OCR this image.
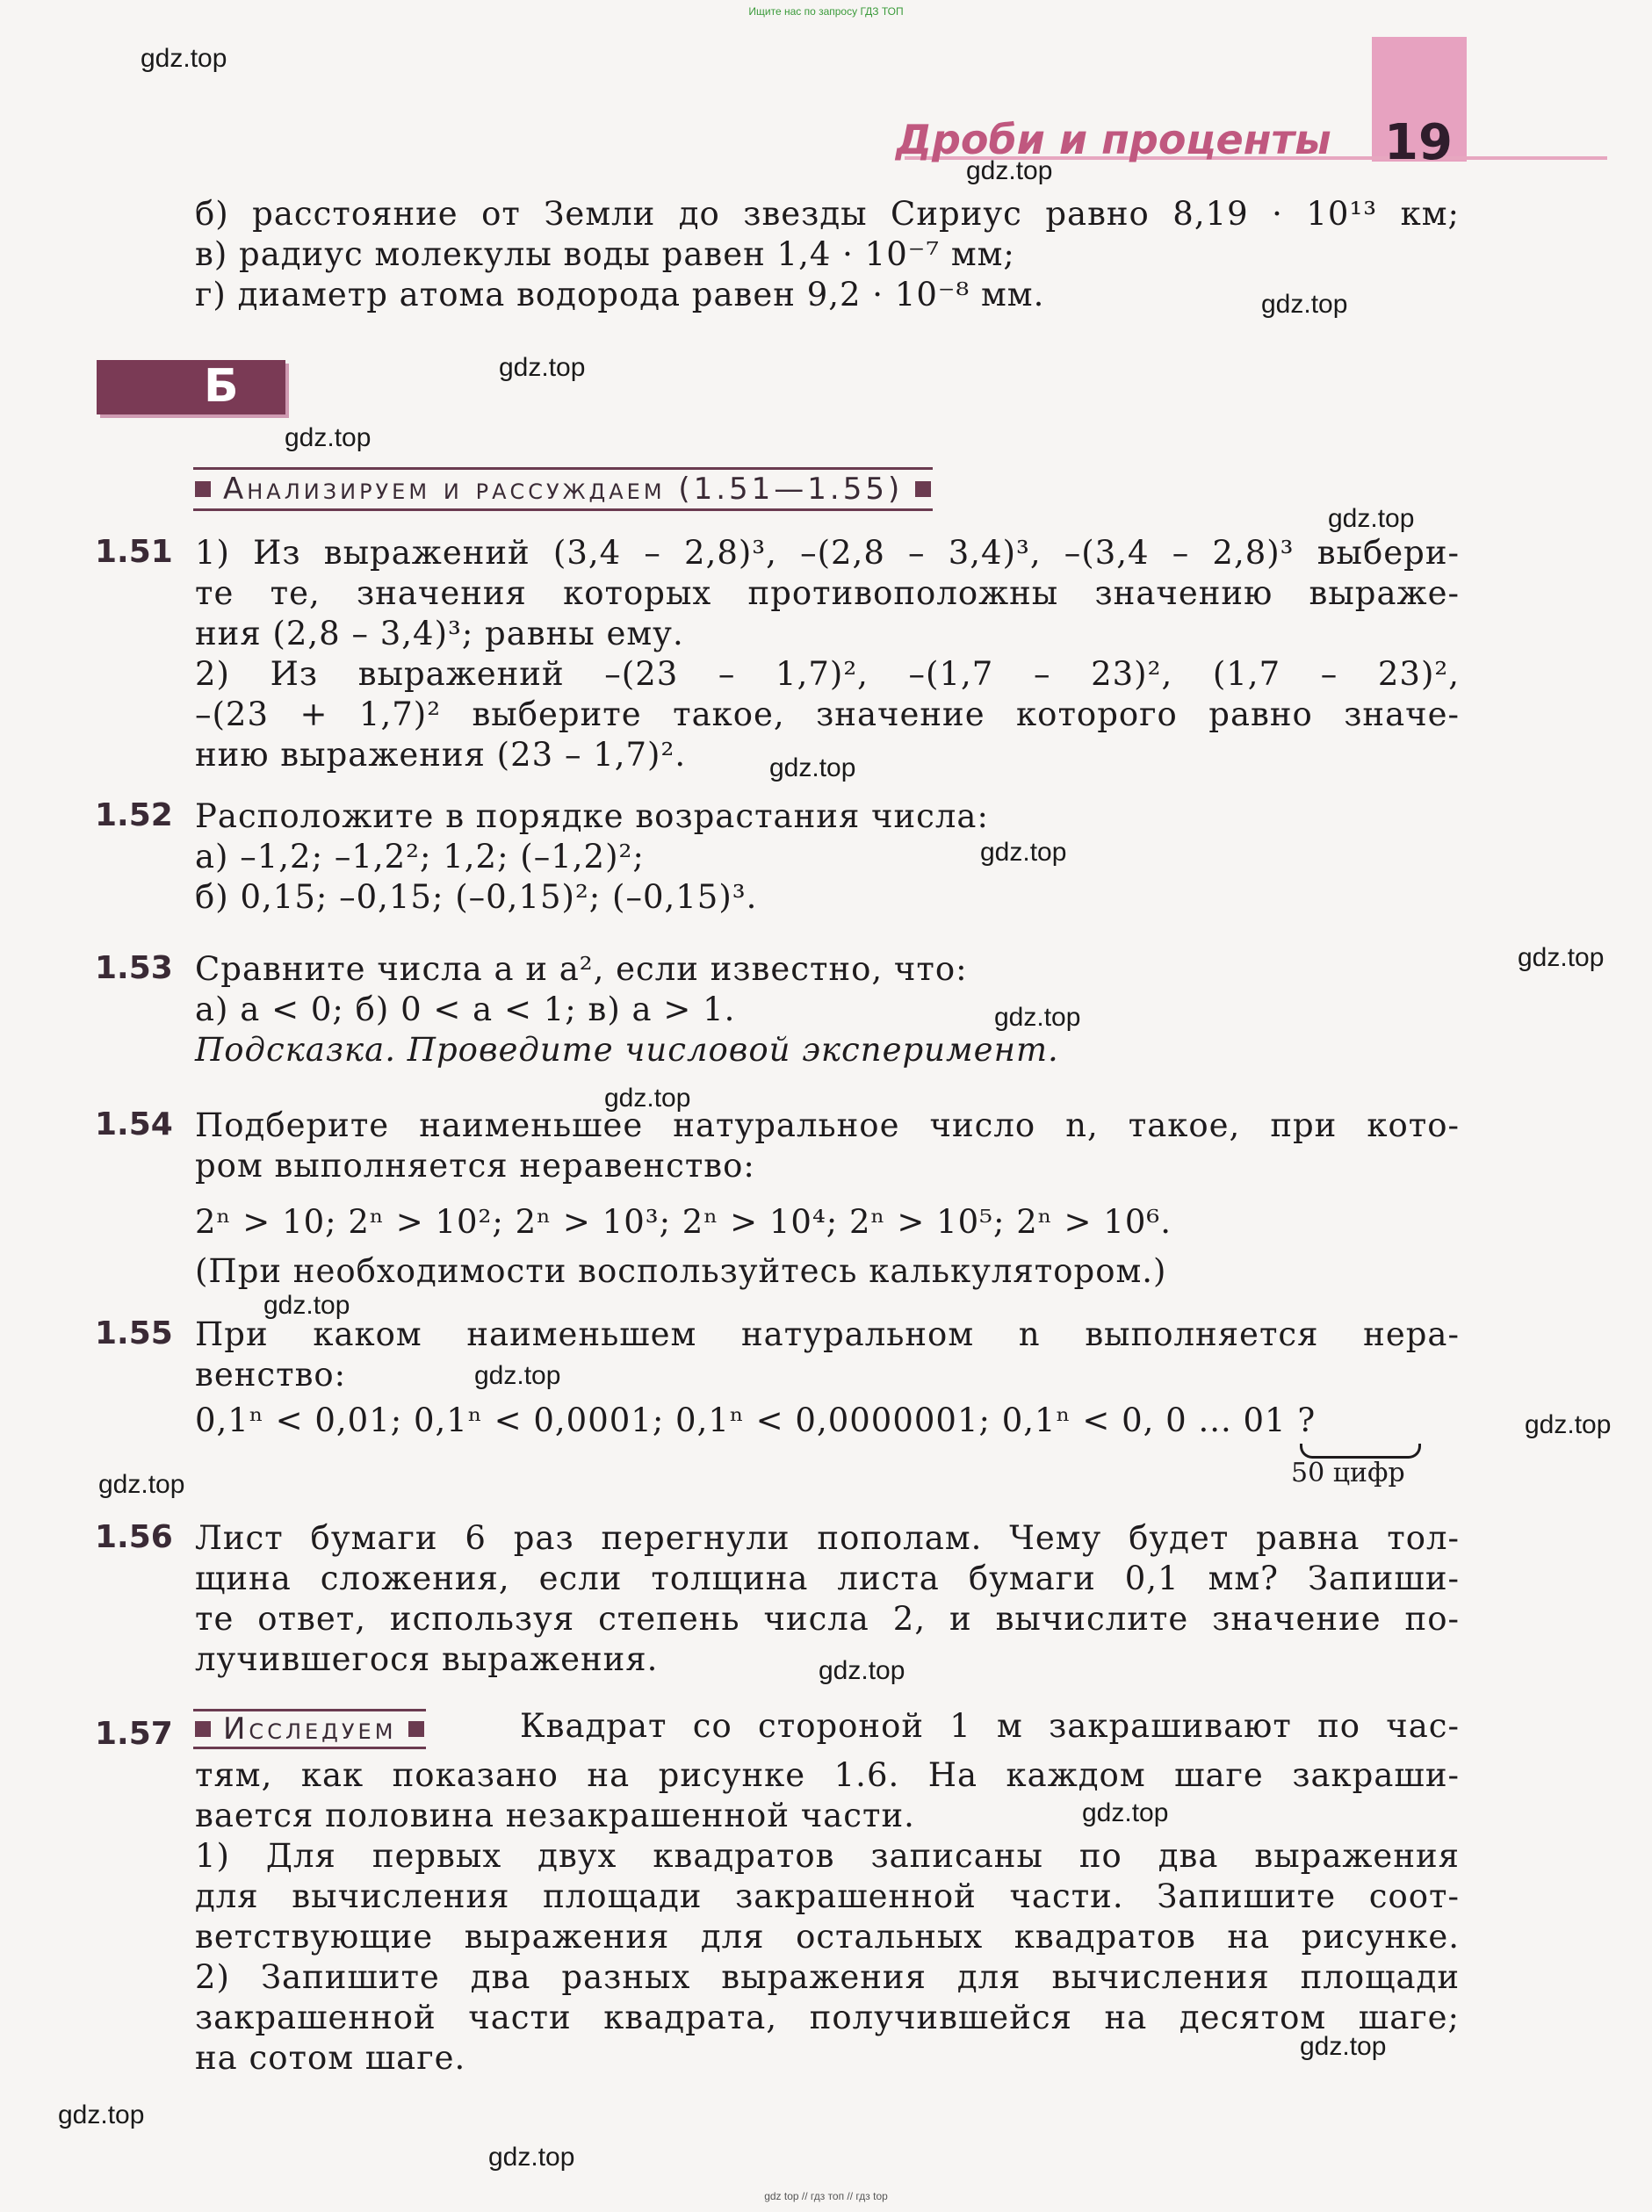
Ищите нас по запросу ГДЗ ТОП
Дроби и проценты 19
gdz.top
gdz.top
gdz.top
gdz.top
gdz.top
gdz.top
gdz.top
gdz.top
gdz.top
gdz.top
gdz.top
gdz.top
gdz.top
gdz.top
gdz.top
gdz.top
gdz.top
gdz.top
gdz.top
gdz.top
б) расстояние от Земли до звезды Сириус равно 8,19 · 10¹³ км;
в) радиус молекулы воды равен 1,4 · 10⁻⁷ мм;
г) диаметр атома водорода равен 9,2 · 10⁻⁸ мм.
Б
Анализируем и рассуждаем (1.51—1.55)
1.51 1) Из выражений (3,4 – 2,8)³, –(2,8 – 3,4)³, –(3,4 – 2,8)³ выбери-
те те, значения которых противоположны значению выраже-
ния (2,8 – 3,4)³; равны ему.
2) Из выражений –(23 – 1,7)², –(1,7 – 23)², (1,7 – 23)²,
–(23 + 1,7)² выберите такое, значение которого равно значе-
нию выражения (23 – 1,7)².
1.52 Расположите в порядке возрастания числа:
а) –1,2; –1,2²; 1,2; (–1,2)²;
б) 0,15; –0,15; (–0,15)²; (–0,15)³.
1.53 Сравните числа a и a², если известно, что:
а) a < 0; б) 0 < a < 1; в) a > 1.
Подсказка. Проведите числовой эксперимент.
1.54 Подберите наименьшее натуральное число n, такое, при кото-
ром выполняется неравенство:
2ⁿ > 10; 2ⁿ > 10²; 2ⁿ > 10³; 2ⁿ > 10⁴; 2ⁿ > 10⁵; 2ⁿ > 10⁶.
(При необходимости воспользуйтесь калькулятором.)
1.55 При каком наименьшем натуральном n выполняется нера-
венство:
0,1ⁿ < 0,01; 0,1ⁿ < 0,0001; 0,1ⁿ < 0,0000001; 0,1ⁿ < 0, 0 ... 01 ?
50 цифр
1.56 Лист бумаги 6 раз перегнули пополам. Чему будет равна тол-
щина сложения, если толщина листа бумаги 0,1 мм? Запиши-
те ответ, используя степень числа 2, и вычислите значение по-
лучившегося выражения.
1.57 Исследуем	Квадрат со стороной 1 м закрашивают по час-
тям, как показано на рисунке 1.6. На каждом шаге закраши-
вается половина незакрашенной части.
1) Для первых двух квадратов записаны по два выражения
для вычисления площади закрашенной части. Запишите соот-
ветствующие выражения для остальных квадратов на рисунке.
2) Запишите два разных выражения для вычисления площади
закрашенной части квадрата, получившейся на десятом шаге;
на сотом шаге.
gdz top // гдз топ // гдз top
